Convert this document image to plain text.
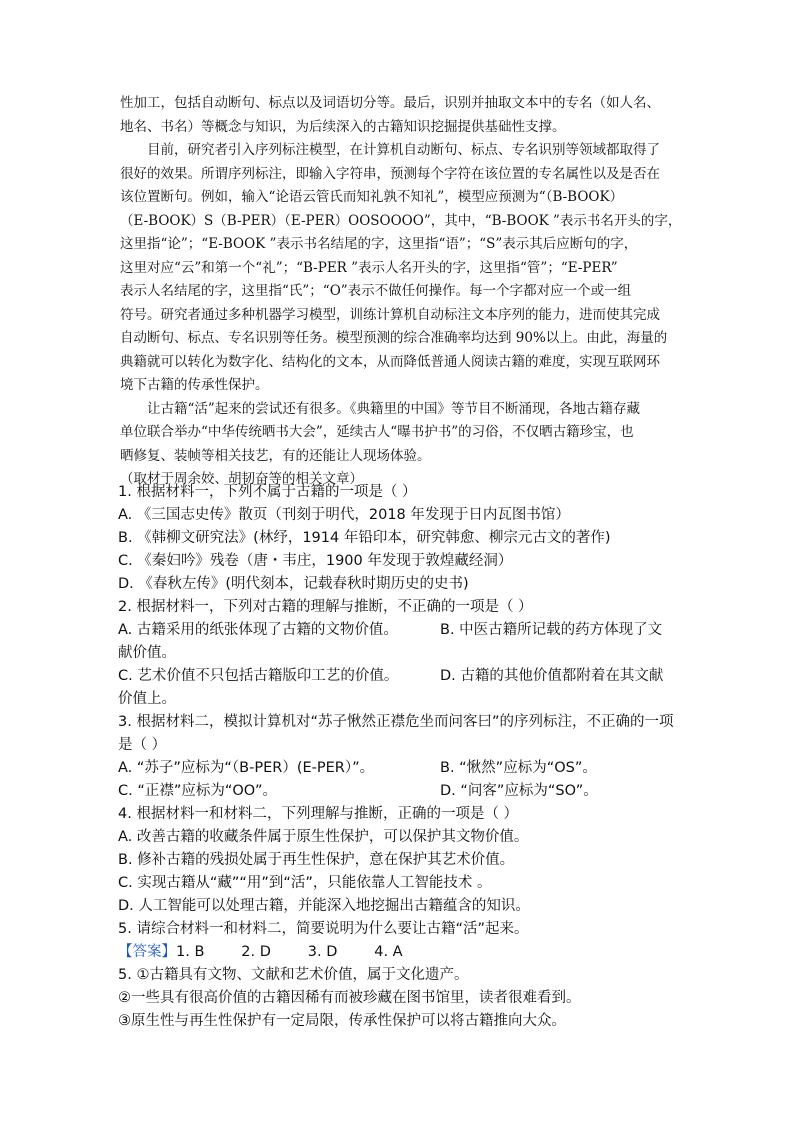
性加工，包括自动断句、标点以及词语切分等。最后，识别并抽取文本中的专名（如人名、

地名、书名）等概念与知识，为后续深入的古籍知识挖掘提供基础性支撑。

目前，研究者引入序列标注模型，在计算机自动断句、标点、专名识别等领域都取得了

很好的效果。所谓序列标注，即输入字符串，预测每个字符在该位置的专名属性以及是否在

该位置断句。例如，输入“论语云管氏而知礼孰不知礼”，模型应预测为“（B-BOOK）

（E-BOOK）S（B-PER）（E-PER）OOSOOOO”，其中，“B-BOOK ”表示书名开头的字，

这里指“论”；“E-BOOK ”表示书名结尾的字，这里指“语”；“S”表示其后应断句的字，

这里对应“云”和第一个“礼”；“B-PER ”表示人名开头的字，这里指“管”；“E-PER”

表示人名结尾的字，这里指“氏”；“O”表示不做任何操作。每一个字都对应一个或一组

符号。研究者通过多种机器学习模型，训练计算机自动标注文本序列的能力，进而使其完成

自动断句、标点、专名识别等任务。模型预测的综合准确率均达到 90%以上。由此，海量的

典籍就可以转化为数字化、结构化的文本，从而降低普通人阅读古籍的难度，实现互联网环

境下古籍的传承性保护。

让古籍“活”起来的尝试还有很多。《典籍里的中国》等节目不断涌现，各地古籍存藏

单位联合举办“中华传统晒书大会”，延续古人“曝书护书”的习俗，不仅晒古籍珍宝，也

晒修复、装帧等相关技艺，有的还能让人现场体验。

（取材于周余姣、胡韧奋等的相关文章）

1. 根据材料一，下列不属于古籍的一项是（ ）
A. 《三国志史传》散页（刊刻于明代，2018 年发现于日内瓦图书馆）
B. 《韩柳文研究法》(林纾，1914 年铅印本，研究韩愈、柳宗元古文的著作)
C. 《秦妇吟》残卷（唐・韦庄，1900 年发现于敦煌藏经洞）
D. 《春秋左传》(明代刻本，记载春秋时期历史的史书)
2. 根据材料一，下列对古籍的理解与推断，不正确的一项是（ ）
A. 古籍采用的纸张体现了古籍的文物价值。	B. 中医古籍所记载的药方体现了文
献价值。
C. 艺术价值不只包括古籍版印工艺的价值。	D. 古籍的其他价值都附着在其文献
价值上。
3. 根据材料二，模拟计算机对“苏子愀然正襟危坐而问客曰”的序列标注，不正确的一项
是（ ）
A. “苏子”应标为“（B-PER）(E-PER）”。	B. “愀然”应标为“OS”。
C. “正襟”应标为“OO”。	D. “问客”应标为“SO”。
4. 根据材料一和材料二，下列理解与推断，正确的一项是（ ）
A. 改善古籍的收藏条件属于原生性保护，可以保护其文物价值。
B. 修补古籍的残损处属于再生性保护，意在保护其艺术价值。
C. 实现古籍从“藏”“用”到“活”，只能依靠人工智能技术 。
D. 人工智能可以处理古籍，并能深入地挖掘出古籍蕴含的知识。
5. 请综合材料一和材料二，简要说明为什么要让古籍“活”起来。
【答案】1. B        2. D        3. D        4. A
5. ①古籍具有文物、文献和艺术价值，属于文化遗产。
②一些具有很高价值的古籍因稀有而被珍藏在图书馆里，读者很难看到。
③原生性与再生性保护有一定局限，传承性保护可以将古籍推向大众。
